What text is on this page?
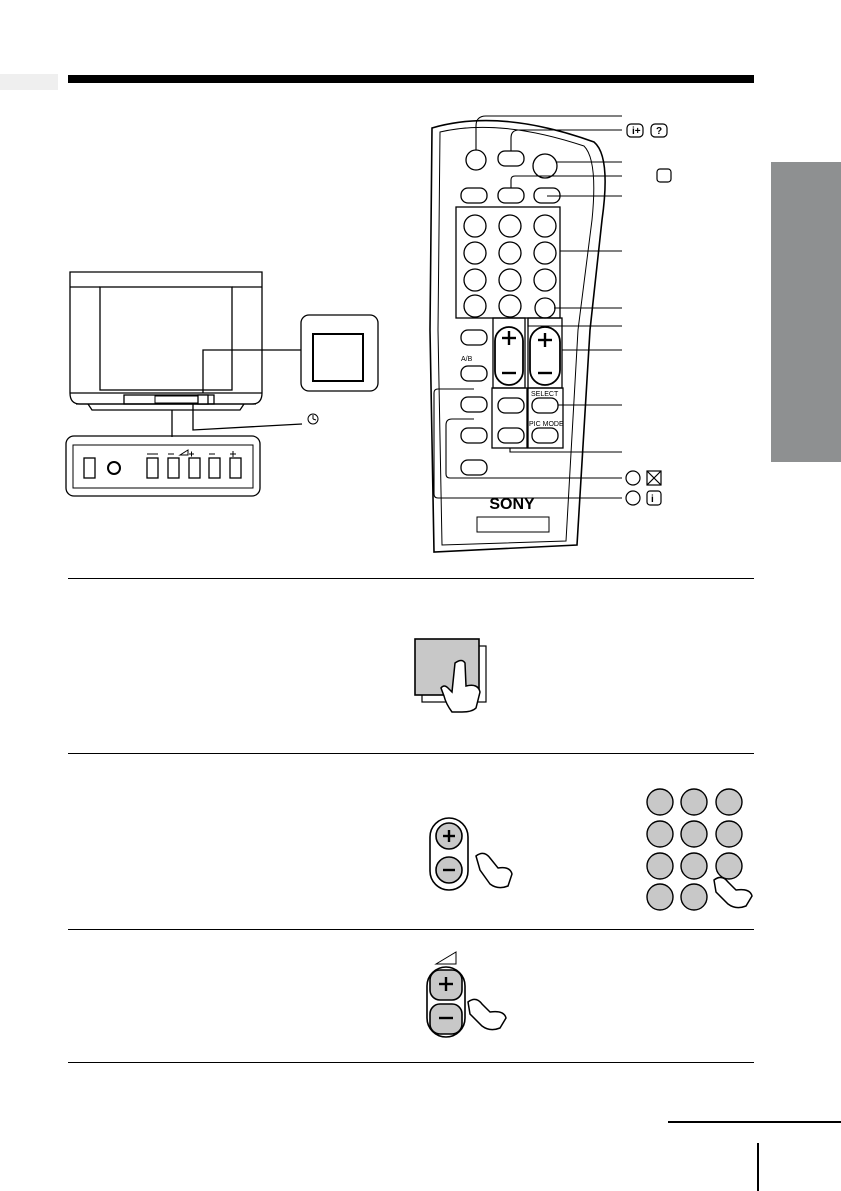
SONY
A/B
SELECT
PIC MODE
i+ ?
i
